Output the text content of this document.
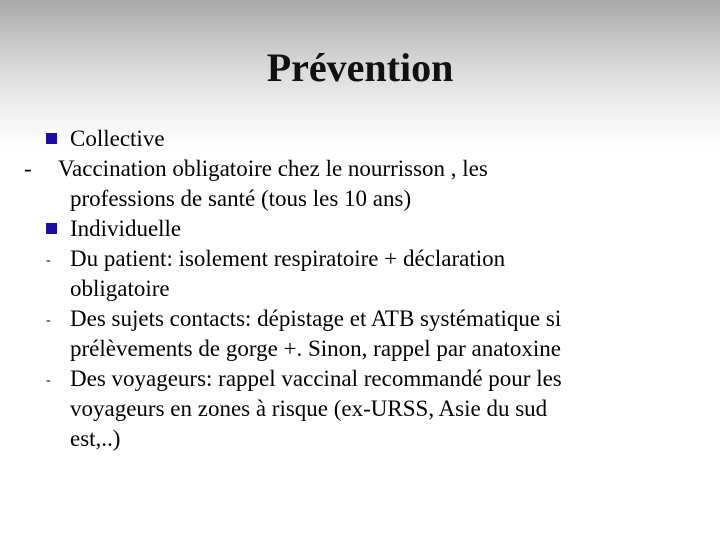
Prévention
Collective
- Vaccination obligatoire chez le nourrisson , les
professions de santé (tous les 10 ans)
Individuelle
- Du patient: isolement respiratoire + déclaration
obligatoire
- Des sujets contacts: dépistage et ATB systématique si
prélèvements de gorge +. Sinon, rappel par anatoxine
- Des voyageurs: rappel vaccinal recommandé pour les
voyageurs en zones à risque (ex-URSS, Asie du sud
est,..)
